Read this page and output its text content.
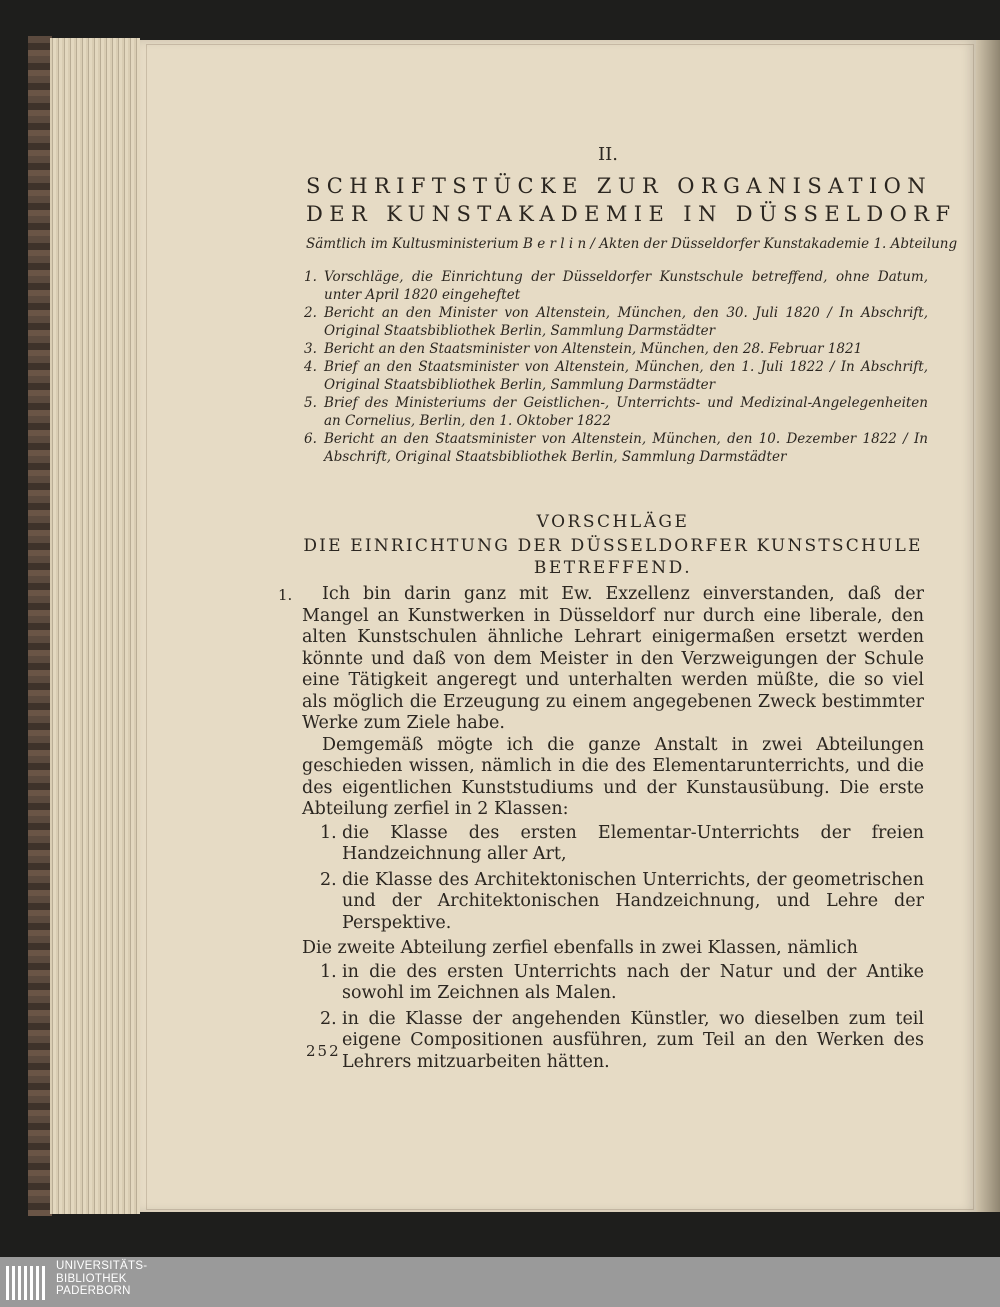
II.
SCHRIFTSTÜCKE ZUR ORGANISATION
DER KUNSTAKADEMIE IN DÜSSELDORF
Sämtlich im Kultusministerium B e r l i n / Akten der Düsseldorfer Kunstakademie 1. Abteilung
1. Vorschläge, die Einrichtung der Düsseldorfer Kunstschule betreffend, ohne Datum, unter April 1820 eingeheftet
2. Bericht an den Minister von Altenstein, München, den 30. Juli 1820 / In Abschrift, Original Staatsbibliothek Berlin, Sammlung Darmstädter
3. Bericht an den Staatsminister von Altenstein, München, den 28. Februar 1821
4. Brief an den Staatsminister von Altenstein, München, den 1. Juli 1822 / In Abschrift, Original Staatsbibliothek Berlin, Sammlung Darmstädter
5. Brief des Ministeriums der Geistlichen-, Unterrichts- und Medizinal-Angelegenheiten an Cornelius, Berlin, den 1. Oktober 1822
6. Bericht an den Staatsminister von Altenstein, München, den 10. Dezember 1822 / In Abschrift, Original Staatsbibliothek Berlin, Sammlung Darmstädter
VORSCHLÄGE
DIE EINRICHTUNG DER DÜSSELDORFER KUNSTSCHULE
BETREFFEND.
1.	Ich bin darin ganz mit Ew. Exzellenz einverstanden, daß der Mangel an Kunstwerken in Düsseldorf nur durch eine liberale, den alten Kunstschulen ähnliche Lehrart einigermaßen ersetzt werden könnte und daß von dem Meister in den Verzweigungen der Schule eine Tätigkeit angeregt und unterhalten werden müßte, die so viel als möglich die Erzeugung zu einem angegebenen Zweck bestimmter Werke zum Ziele habe.

Demgemäß mögte ich die ganze Anstalt in zwei Abteilungen geschieden wissen, nämlich in die des Elementarunterrichts, und die des eigentlichen Kunststudiums und der Kunstausübung. Die erste Abteilung zerfiel in 2 Klassen:

1. die Klasse des ersten Elementar-Unterrichts der freien Handzeichnung aller Art,
2. die Klasse des Architektonischen Unterrichts, der geometrischen und der Architektonischen Handzeichnung, und Lehre der Perspektive.

Die zweite Abteilung zerfiel ebenfalls in zwei Klassen, nämlich

1. in die des ersten Unterrichts nach der Natur und der Antike sowohl im Zeichnen als Malen.
2. in die Klasse der angehenden Künstler, wo dieselben zum teil eigene Compositionen ausführen, zum Teil an den Werken des Lehrers mitzuarbeiten hätten.
252
UNIVERSITÄTS-
BIBLIOTHEK
PADERBORN
